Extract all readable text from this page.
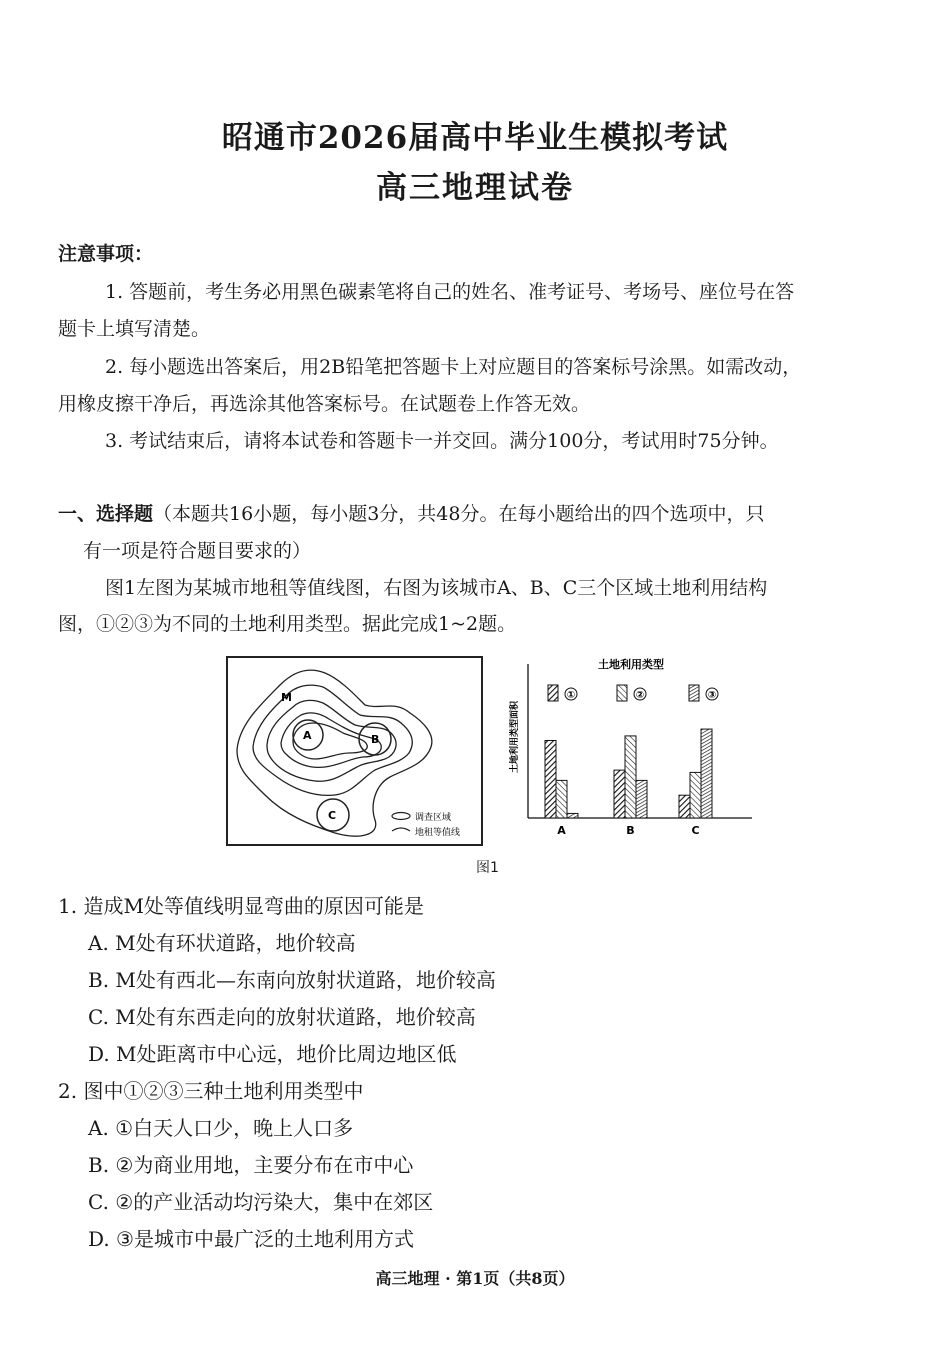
昭通市2026届高中毕业生模拟考试
高三地理试卷
注意事项：
1. 答题前，考生务必用黑色碳素笔将自己的姓名、准考证号、考场号、座位号在答
题卡上填写清楚。
2. 每小题选出答案后，用2B铅笔把答题卡上对应题目的答案标号涂黑。如需改动，
用橡皮擦干净后，再选涂其他答案标号。在试题卷上作答无效。
3. 考试结束后，请将本试卷和答题卡一并交回。满分100分，考试用时75分钟。
一、选择题（本题共16小题，每小题3分，共48分。在每小题给出的四个选项中，只
有一项是符合题目要求的）
图1左图为某城市地租等值线图，右图为该城市A、B、C三个区域土地利用结构
图，①②③为不同的土地利用类型。据此完成1~2题。
M
A	B
C	调查区域
地租等值线
土地利用类型
土地利用类型面积
①	②	③
A	B	C
图1
1. 造成M处等值线明显弯曲的原因可能是
A. M处有环状道路，地价较高
B. M处有西北—东南向放射状道路，地价较高
C. M处有东西走向的放射状道路，地价较高
D. M处距离市中心远，地价比周边地区低
2. 图中①②③三种土地利用类型中
A. ①白天人口少，晚上人口多
B. ②为商业用地，主要分布在市中心
C. ②的产业活动均污染大，集中在郊区
D. ③是城市中最广泛的土地利用方式
高三地理 · 第1页（共8页）
